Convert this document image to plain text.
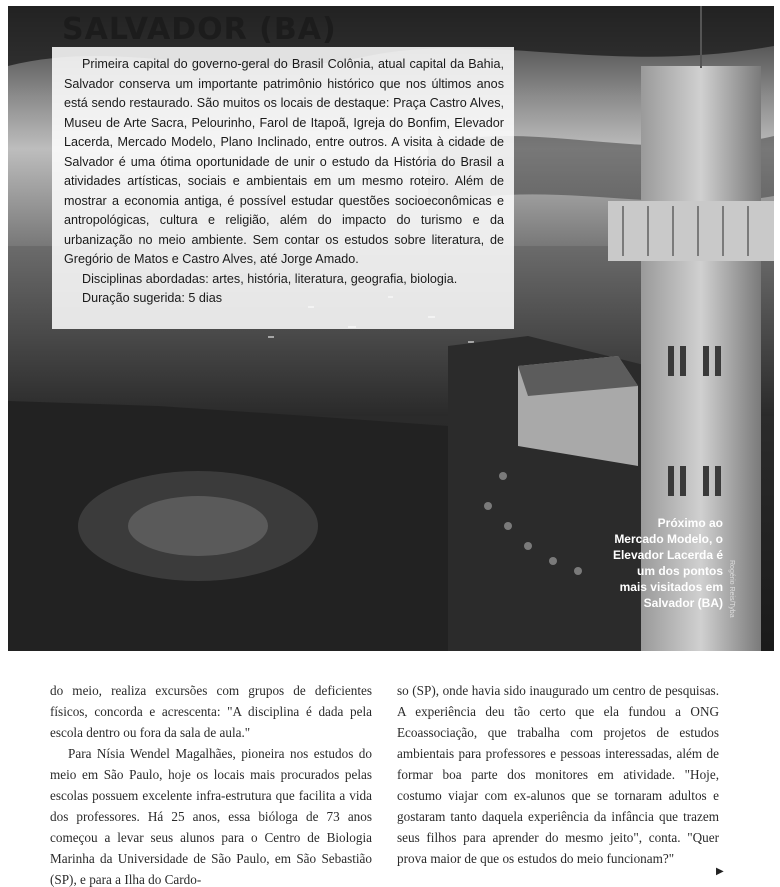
SALVADOR (BA)

Primeira capital do governo-geral do Brasil Colônia, atual capital da Bahia, Salvador conserva um importante patrimônio histórico que nos últimos anos está sendo restaurado. São muitos os locais de destaque: Praça Castro Alves, Museu de Arte Sacra, Pelourinho, Farol de Itapoã, Igreja do Bonfim, Elevador Lacerda, Mercado Modelo, Plano Inclinado, entre outros. A visita à cidade de Salvador é uma ótima oportunidade de unir o estudo da História do Brasil a atividades artísticas, sociais e ambientais em um mesmo roteiro. Além de mostrar a economia antiga, é possível estudar questões socioeconômicas e antropológicas, cultura e religião, além do impacto do turismo e da urbanização no meio ambiente. Sem contar os estudos sobre literatura, de Gregório de Matos e Castro Alves, até Jorge Amado.

Disciplinas abordadas: artes, história, literatura, geografia, biologia.

Duração sugerida: 5 dias

Próximo ao Mercado Modelo, o Elevador Lacerda é um dos pontos mais visitados em Salvador (BA) Rogério Reis/Tyba

do meio, realiza excursões com grupos de deficientes físicos, concorda e acrescenta: "A disciplina é dada pela escola dentro ou fora da sala de aula."

Para Nísia Wendel Magalhães, pioneira nos estudos do meio em São Paulo, hoje os locais mais procurados pelas escolas possuem excelente infra-estrutura que facilita a vida dos professores. Há 25 anos, essa bióloga de 73 anos começou a levar seus alunos para o Centro de Biologia Marinha da Universidade de São Paulo, em São Sebastião (SP), e para a Ilha do Cardo-

so (SP), onde havia sido inaugurado um centro de pesquisas. A experiência deu tão certo que ela fundou a ONG Ecoassociação, que trabalha com projetos de estudos ambientais para professores e pessoas interessadas, além de formar boa parte dos monitores em atividade. "Hoje, costumo viajar com ex-alunos que se tornaram adultos e gostaram tanto daquela experiência da infância que trazem seus filhos para aprender do mesmo jeito", conta. "Quer prova maior de que os estudos do meio funcionam?"

▶
